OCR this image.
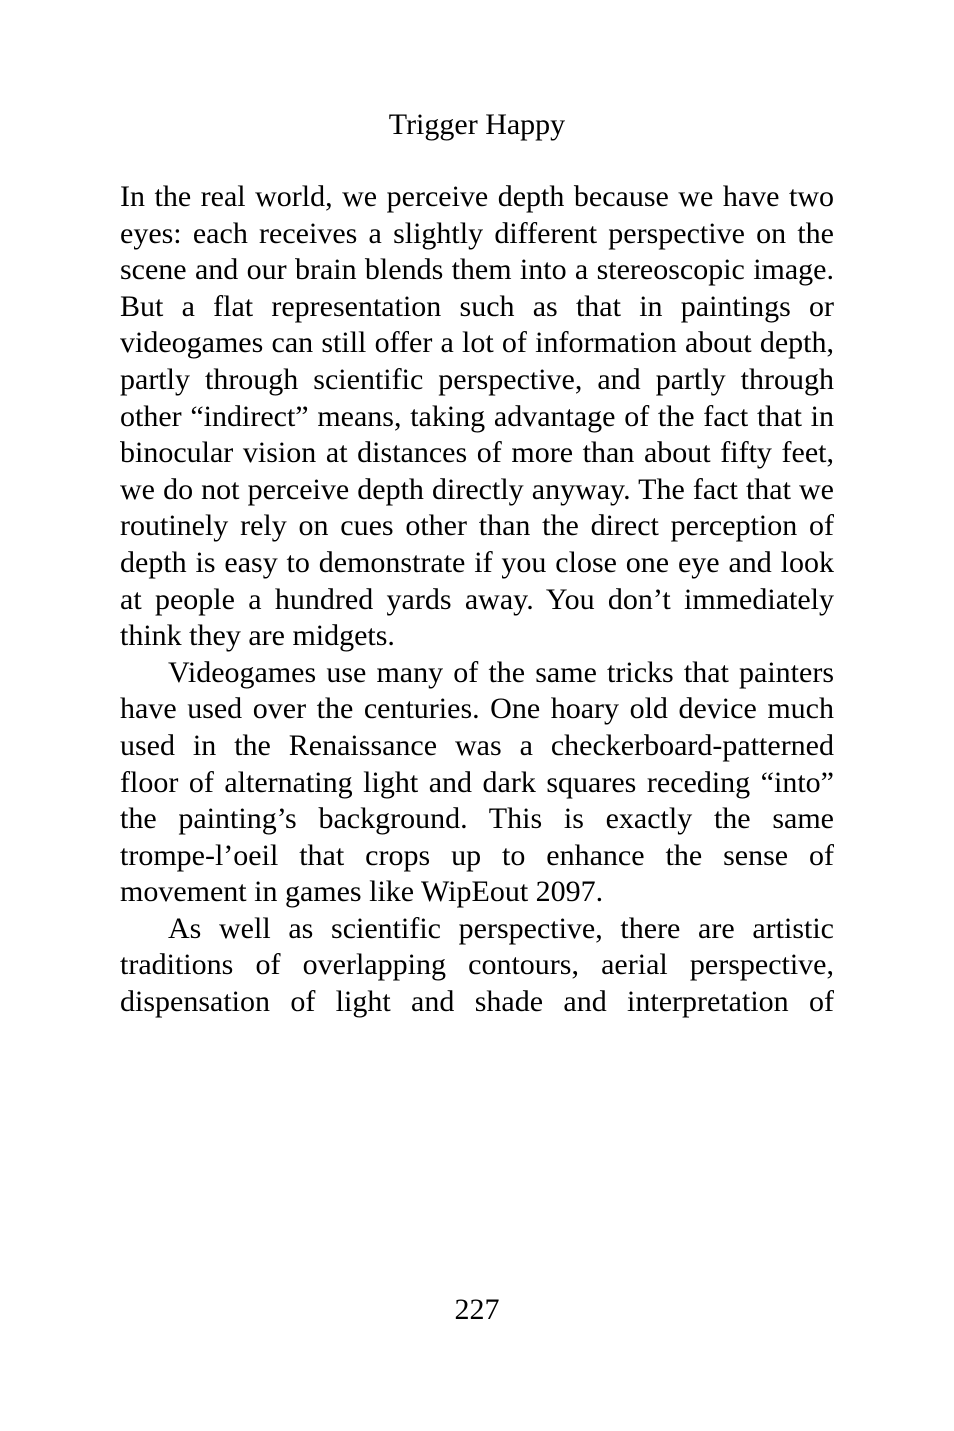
Trigger Happy

In the real world, we perceive depth because we have two eyes: each receives a slightly different perspective on the scene and our brain blends them into a stereoscopic image. But a flat representation such as that in paintings or videogames can still offer a lot of information about depth, partly through scientific perspective, and partly through other “indirect” means, taking advantage of the fact that in binocular vision at distances of more than about fifty feet, we do not perceive depth directly anyway. The fact that we routinely rely on cues other than the direct perception of depth is easy to demonstrate if you close one eye and look at people a hundred yards away. You don’t immediately think they are midgets.

Videogames use many of the same tricks that painters have used over the centuries. One hoary old device much used in the Renaissance was a checkerboard-patterned floor of alternating light and dark squares receding “into” the painting’s background. This is exactly the same trompe-l’oeil that crops up to enhance the sense of movement in games like WipEout 2097.

As well as scientific perspective, there are artistic traditions of overlapping contours, aerial perspective, dispensation of light and shade and interpretation of

227
